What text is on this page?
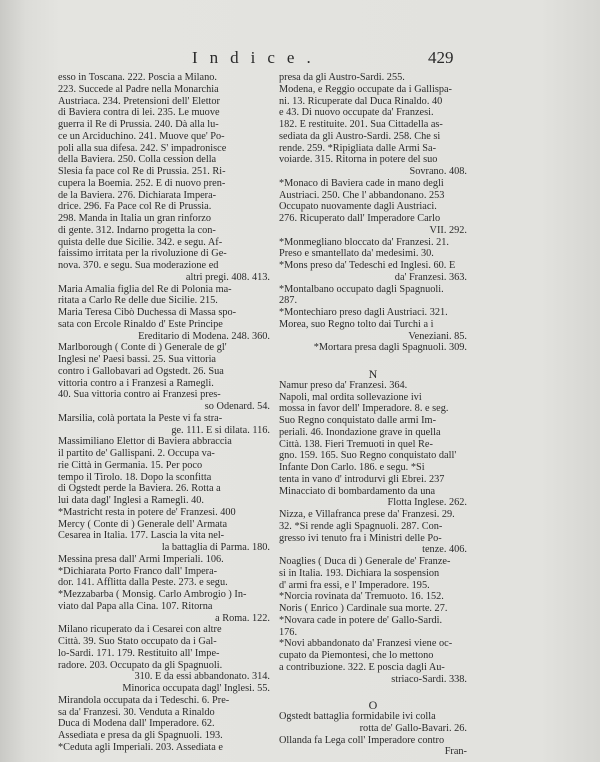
Indice.	429
esso in Toscana. 222. Poscia a Milano.
223. Succede al Padre nella Monarchia
Austriaca. 234. Pretensioni dell' Elettor
di Baviera contra di lei. 235. Le muove
guerra il Re di Prussia. 240. Dà alla lu-
ce un Arciduchino. 241. Muove que' Po-
poli alla sua difesa. 242. S' impadronisce
della Baviera. 250. Colla cession della
Slesia fa pace col Re di Prussia. 251. Ri-
cupera la Boemia. 252. E di nuovo pren-
de la Baviera. 276. Dichiarata Impera-
drice. 296. Fa Pace col Re di Prussia.
298. Manda in Italia un gran rinforzo
di gente. 312. Indarno progetta la con-
quista delle due Sicilie. 342. e segu. Af-
faissimo irritata per la rivoluzione di Ge-
nova. 370. e segu. Sua moderazione ed
altri pregi. 408. 413.
Maria Amalia figlia del Re di Polonia ma-
ritata a Carlo Re delle due Sicilie. 215.
Maria Teresa Cibò Duchessa di Massa spo-
sata con Ercole Rinaldo d' Este Principe
Ereditario di Modena. 248. 360.
Marlborough ( Conte di ) Generale de gl'
Inglesi ne' Paesi bassi. 25. Sua vittoria
contro i Gallobavari ad Ogstedt. 26. Sua
vittoria contro a i Franzesi a Ramegli.
40. Sua vittoria contro ai Franzesi pres-
so Odenard. 54.
Marsilia, colà portata la Peste vi fa stra-
ge. 111. E si dilata. 116.
Massimiliano Elettor di Baviera abbraccia
il partito de' Gallispani. 2. Occupa va-
rie Città in Germania. 15. Per poco
tempo il Tirolo. 18. Dopo la sconfitta
di Ogstedt perde la Baviera. 26. Rotta a
lui data dagl' Inglesi a Rameglì. 40.
*Mastricht resta in potere de' Franzesi. 400
Mercy ( Conte di ) Generale dell' Armata
Cesarea in Italia. 177. Lascia la vita nel-
la battaglia di Parma. 180.
Messina presa dall' Armi Imperiali. 106.
*Dichiarata Porto Franco dall' Impera-
dor. 141. Afflitta dalla Peste. 273. e segu.
*Mezzabarba ( Monsig. Carlo Ambrogio ) In-
viato dal Papa alla Cina. 107. Ritorna
a Roma. 122.
Milano ricuperato da i Cesarei con altre
Città. 39. Suo Stato occupato da i Gal-
lo-Sardi. 171. 179. Restituito all' Impe-
radore. 203. Occupato da gli Spagnuoli.
310. E da essi abbandonato. 314.
Minorica occupata dagl' Inglesi. 55.
Mirandola occupata da i Tedeschi. 6. Pre-
sa da' Franzesi. 30. Venduta a Rinaldo
Duca di Modena dall' Imperadore. 62.
Assediata e presa da gli Spagnuoli. 193.
*Ceduta agli Imperiali. 203. Assediata e
presa da gli Austro-Sardi. 255.
Modena, e Reggio occupate da i Gallispa-
ni. 13. Ricuperate dal Duca Rinaldo. 40
e 43. Di nuovo occupate da' Franzesi.
182. E restituite. 201. Sua Cittadella as-
sediata da gli Austro-Sardi. 258. Che si
rende. 259. *Ripigliata dalle Armi Sa-
voiarde. 315. Ritorna in potere del suo
Sovrano. 408.
*Monaco di Baviera cade in mano degli
Austriaci. 250. Che l' abbandonano. 253
Occupato nuovamente dagli Austriaci.
276. Ricuperato dall' Imperadore Carlo
VII. 292.
*Monmegliano bloccato da' Franzesi. 21.
Preso e smantellato da' medesimi. 30.
*Mons preso da' Tedeschi ed Inglesi. 60. E
da' Franzesi. 363.
*Montalbano occupato dagli Spagnuoli.
287.
*Montechiaro preso dagli Austriaci. 321.
Morea, suo Regno tolto dai Turchi a i
Veneziani. 85.
*Mortara presa dagli Spagnuoli. 309.
N
Namur preso da' Franzesi. 364.
Napoli, mal ordita sollevazione ivi
mossa in favor dell' Imperadore. 8. e seg.
Suo Regno conquistato dalle armi Im-
periali. 46. Inondazione grave in quella
Città. 138. Fieri Tremuoti in quel Re-
gno. 159. 165. Suo Regno conquistato dall'
Infante Don Carlo. 186. e segu. *Si
tenta in vano d' introdurvi gli Ebrei. 237
Minacciato di bombardamento da una
Flotta Inglese. 262.
Nizza, e Villafranca prese da' Franzesi. 29.
32. *Si rende agli Spagnuoli. 287. Con-
gresso ivi tenuto fra i Ministri delle Po-
tenze. 406.
Noaglies ( Duca di ) Generale de' Franze-
si in Italia. 193. Dichiara la sospension
d' armi fra essi, e l' Imperadore. 195.
*Norcia rovinata da' Tremuoto. 16. 152.
Noris ( Enrico ) Cardinale sua morte. 27.
*Novara cade in potere de' Gallo-Sardi.
176.
*Novi abbandonato da' Franzesi viene oc-
cupato da Piemontesi, che lo mettono
a contribuzione. 322. E poscia dagli Au-
striaco-Sardi. 338.
O
Ogstedt battaglia formidabile ivi colla
rotta de' Gallo-Bavari. 26.
Ollanda fa Lega coll' Imperadore contro
Fran-
